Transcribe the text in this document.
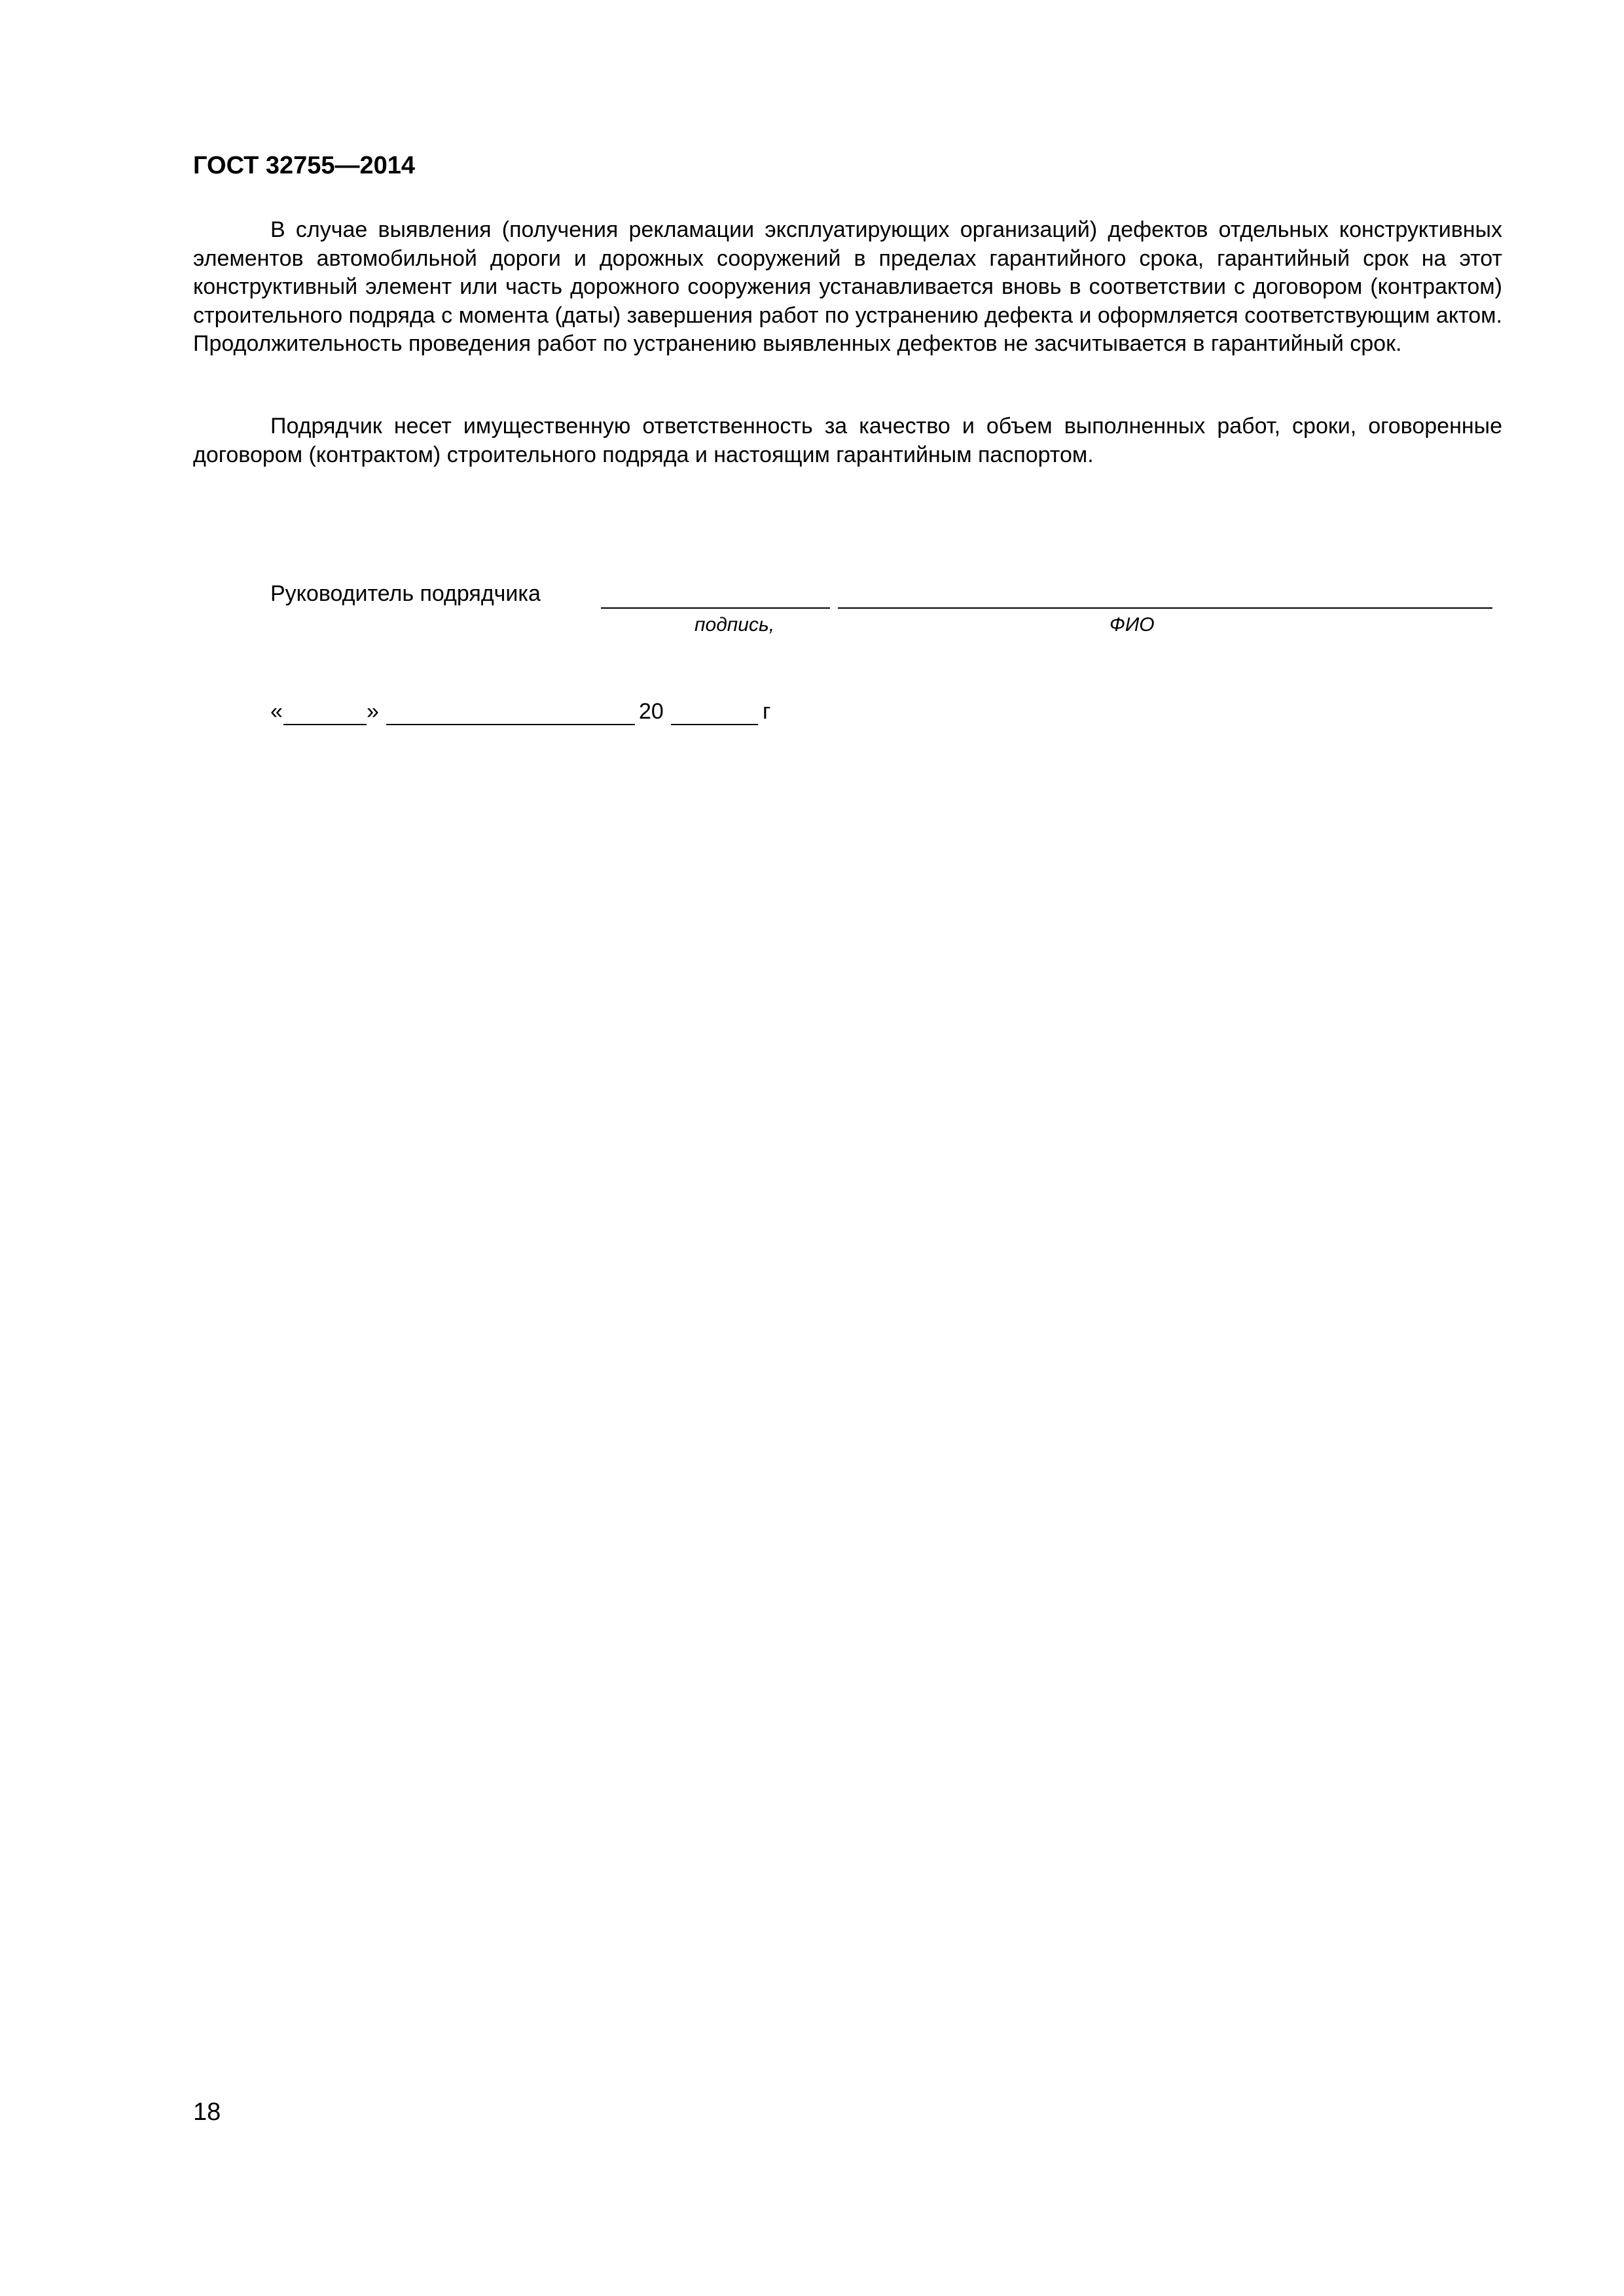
ГОСТ 32755—2014

В случае выявления (получения рекламации эксплуатирующих организаций) дефектов отдельных конструктивных элементов автомобильной дороги и дорожных сооружений в пределах гарантийного срока, гарантийный срок на этот конструктивный элемент или часть дорожного сооружения устанавливается вновь в соответствии с договором (контрактом) строительного подряда с момента (даты) завершения работ по устранению дефекта и оформляется соответствующим актом. Продолжительность проведения работ по устранению выявленных дефектов не засчитывается в гарантийный срок.

Подрядчик несет имущественную ответственность за качество и объем выполненных работ, сроки, оговоренные договором (контрактом) строительного подряда и настоящим гарантийным паспортом.

Руководитель подрядчика
подпись,	ФИО
«	»	20	г
18
